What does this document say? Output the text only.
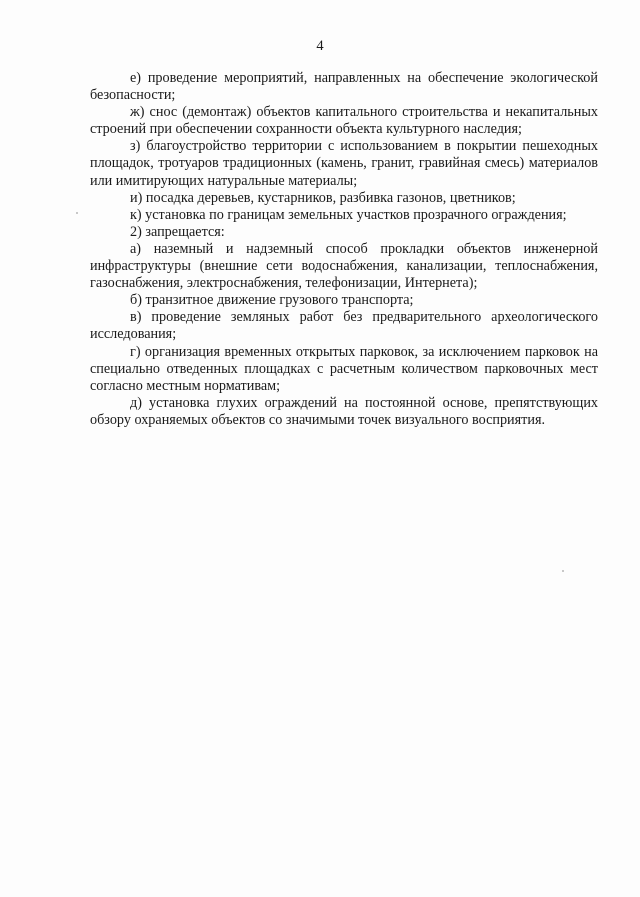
4

е) проведение мероприятий, направленных на обеспечение экологической безопасности;

ж) снос (демонтаж) объектов капитального строительства и некапитальных строений при обеспечении сохранности объекта культурного наследия;

з) благоустройство территории с использованием в покрытии пешеходных площадок, тротуаров традиционных (камень, гранит, гравийная смесь) материалов или имитирующих натуральные материалы;

и) посадка деревьев, кустарников, разбивка газонов, цветников;

к) установка по границам земельных участков прозрачного ограждения;

2) запрещается:

а) наземный и надземный способ прокладки объектов инженерной инфраструктуры (внешние сети водоснабжения, канализации, теплоснабжения, газоснабжения, электроснабжения, телефонизации, Интернета);

б) транзитное движение грузового транспорта;

в) проведение земляных работ без предварительного археологического исследования;

г) организация временных открытых парковок, за исключением парковок на специально отведенных площадках с расчетным количеством парковочных мест согласно местным нормативам;

д) установка глухих ограждений на постоянной основе, препятствующих обзору охраняемых объектов со значимыми точек визуального восприятия.
